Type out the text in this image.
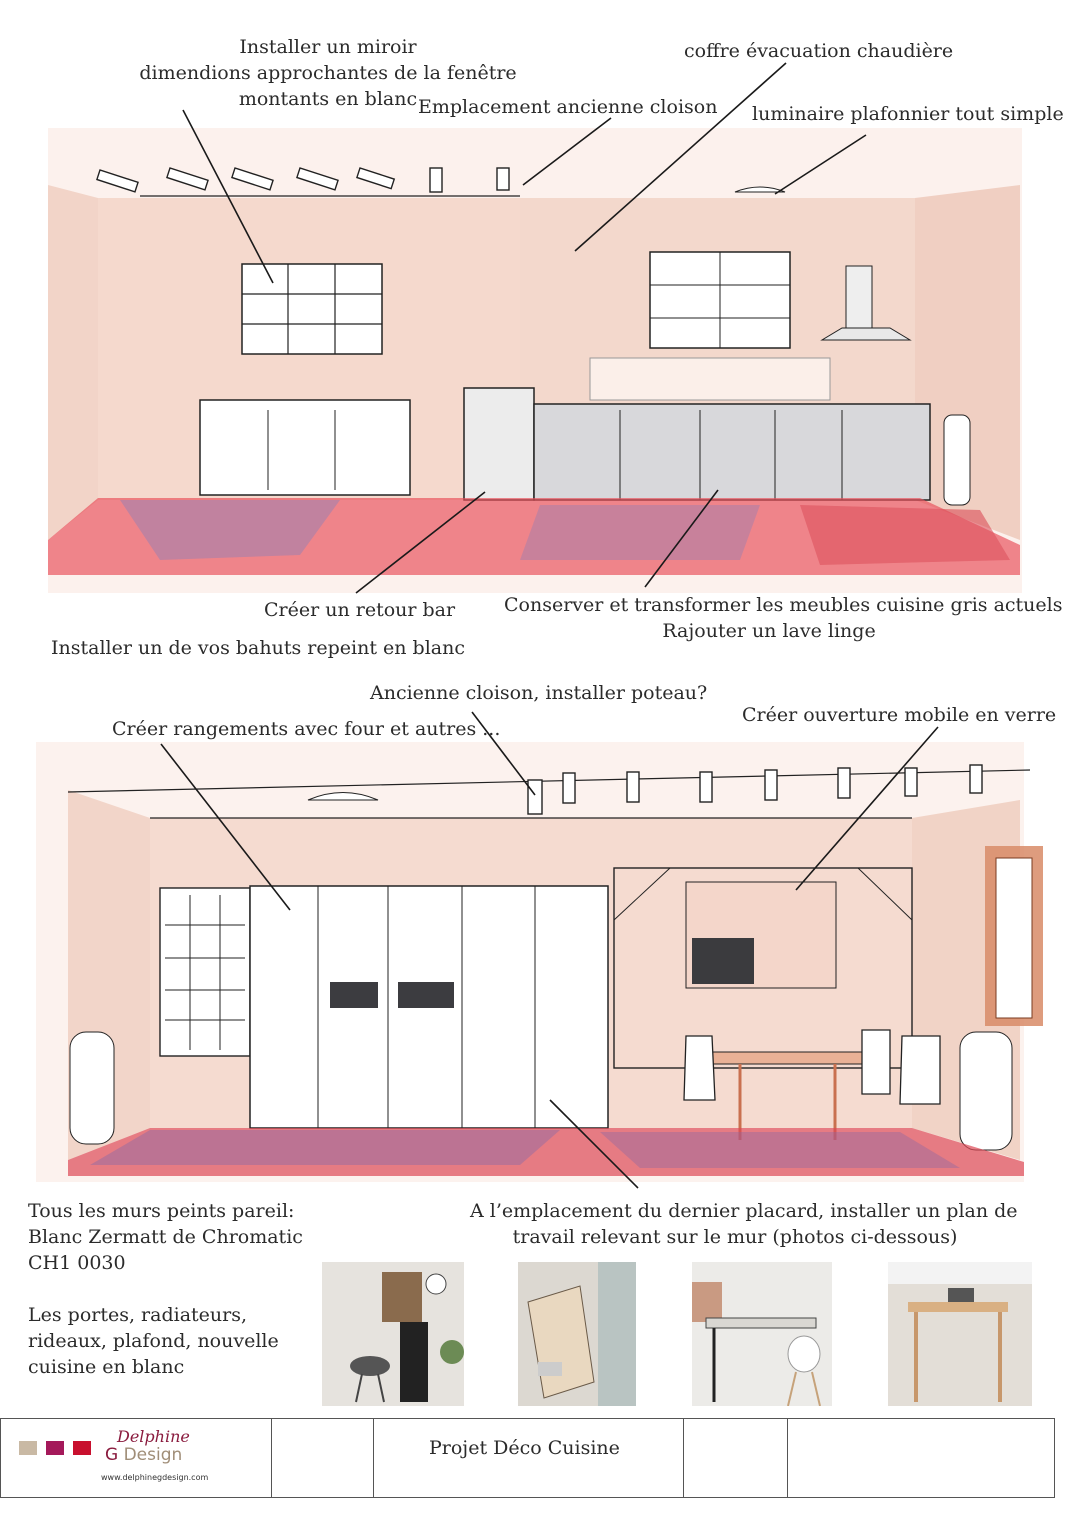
Installer un miroir
dimendions approchantes de la fenêtre
montants en blanc Emplacement ancienne cloison
coffre évacuation chaudière
luminaire plafonnier tout simple
Créer un retour bar
Installer un de vos bahuts repeint en blanc
Conserver et transformer les meubles cuisine gris actuels
Rajouter un lave linge
Ancienne cloison, installer poteau?
Créer rangements avec four et autres ...
Créer ouverture mobile en verre
A l’emplacement du dernier placard, installer un plan de
travail relevant sur le mur (photos ci-dessous)
Tous les murs peints pareil:
Blanc Zermatt de Chromatic
CH1 0030
Les portes, radiateurs,
rideaux, plafond, nouvelle
cuisine en blanc
Delphine
G Design
www.delphinegdesign.com
Projet Déco Cuisine
